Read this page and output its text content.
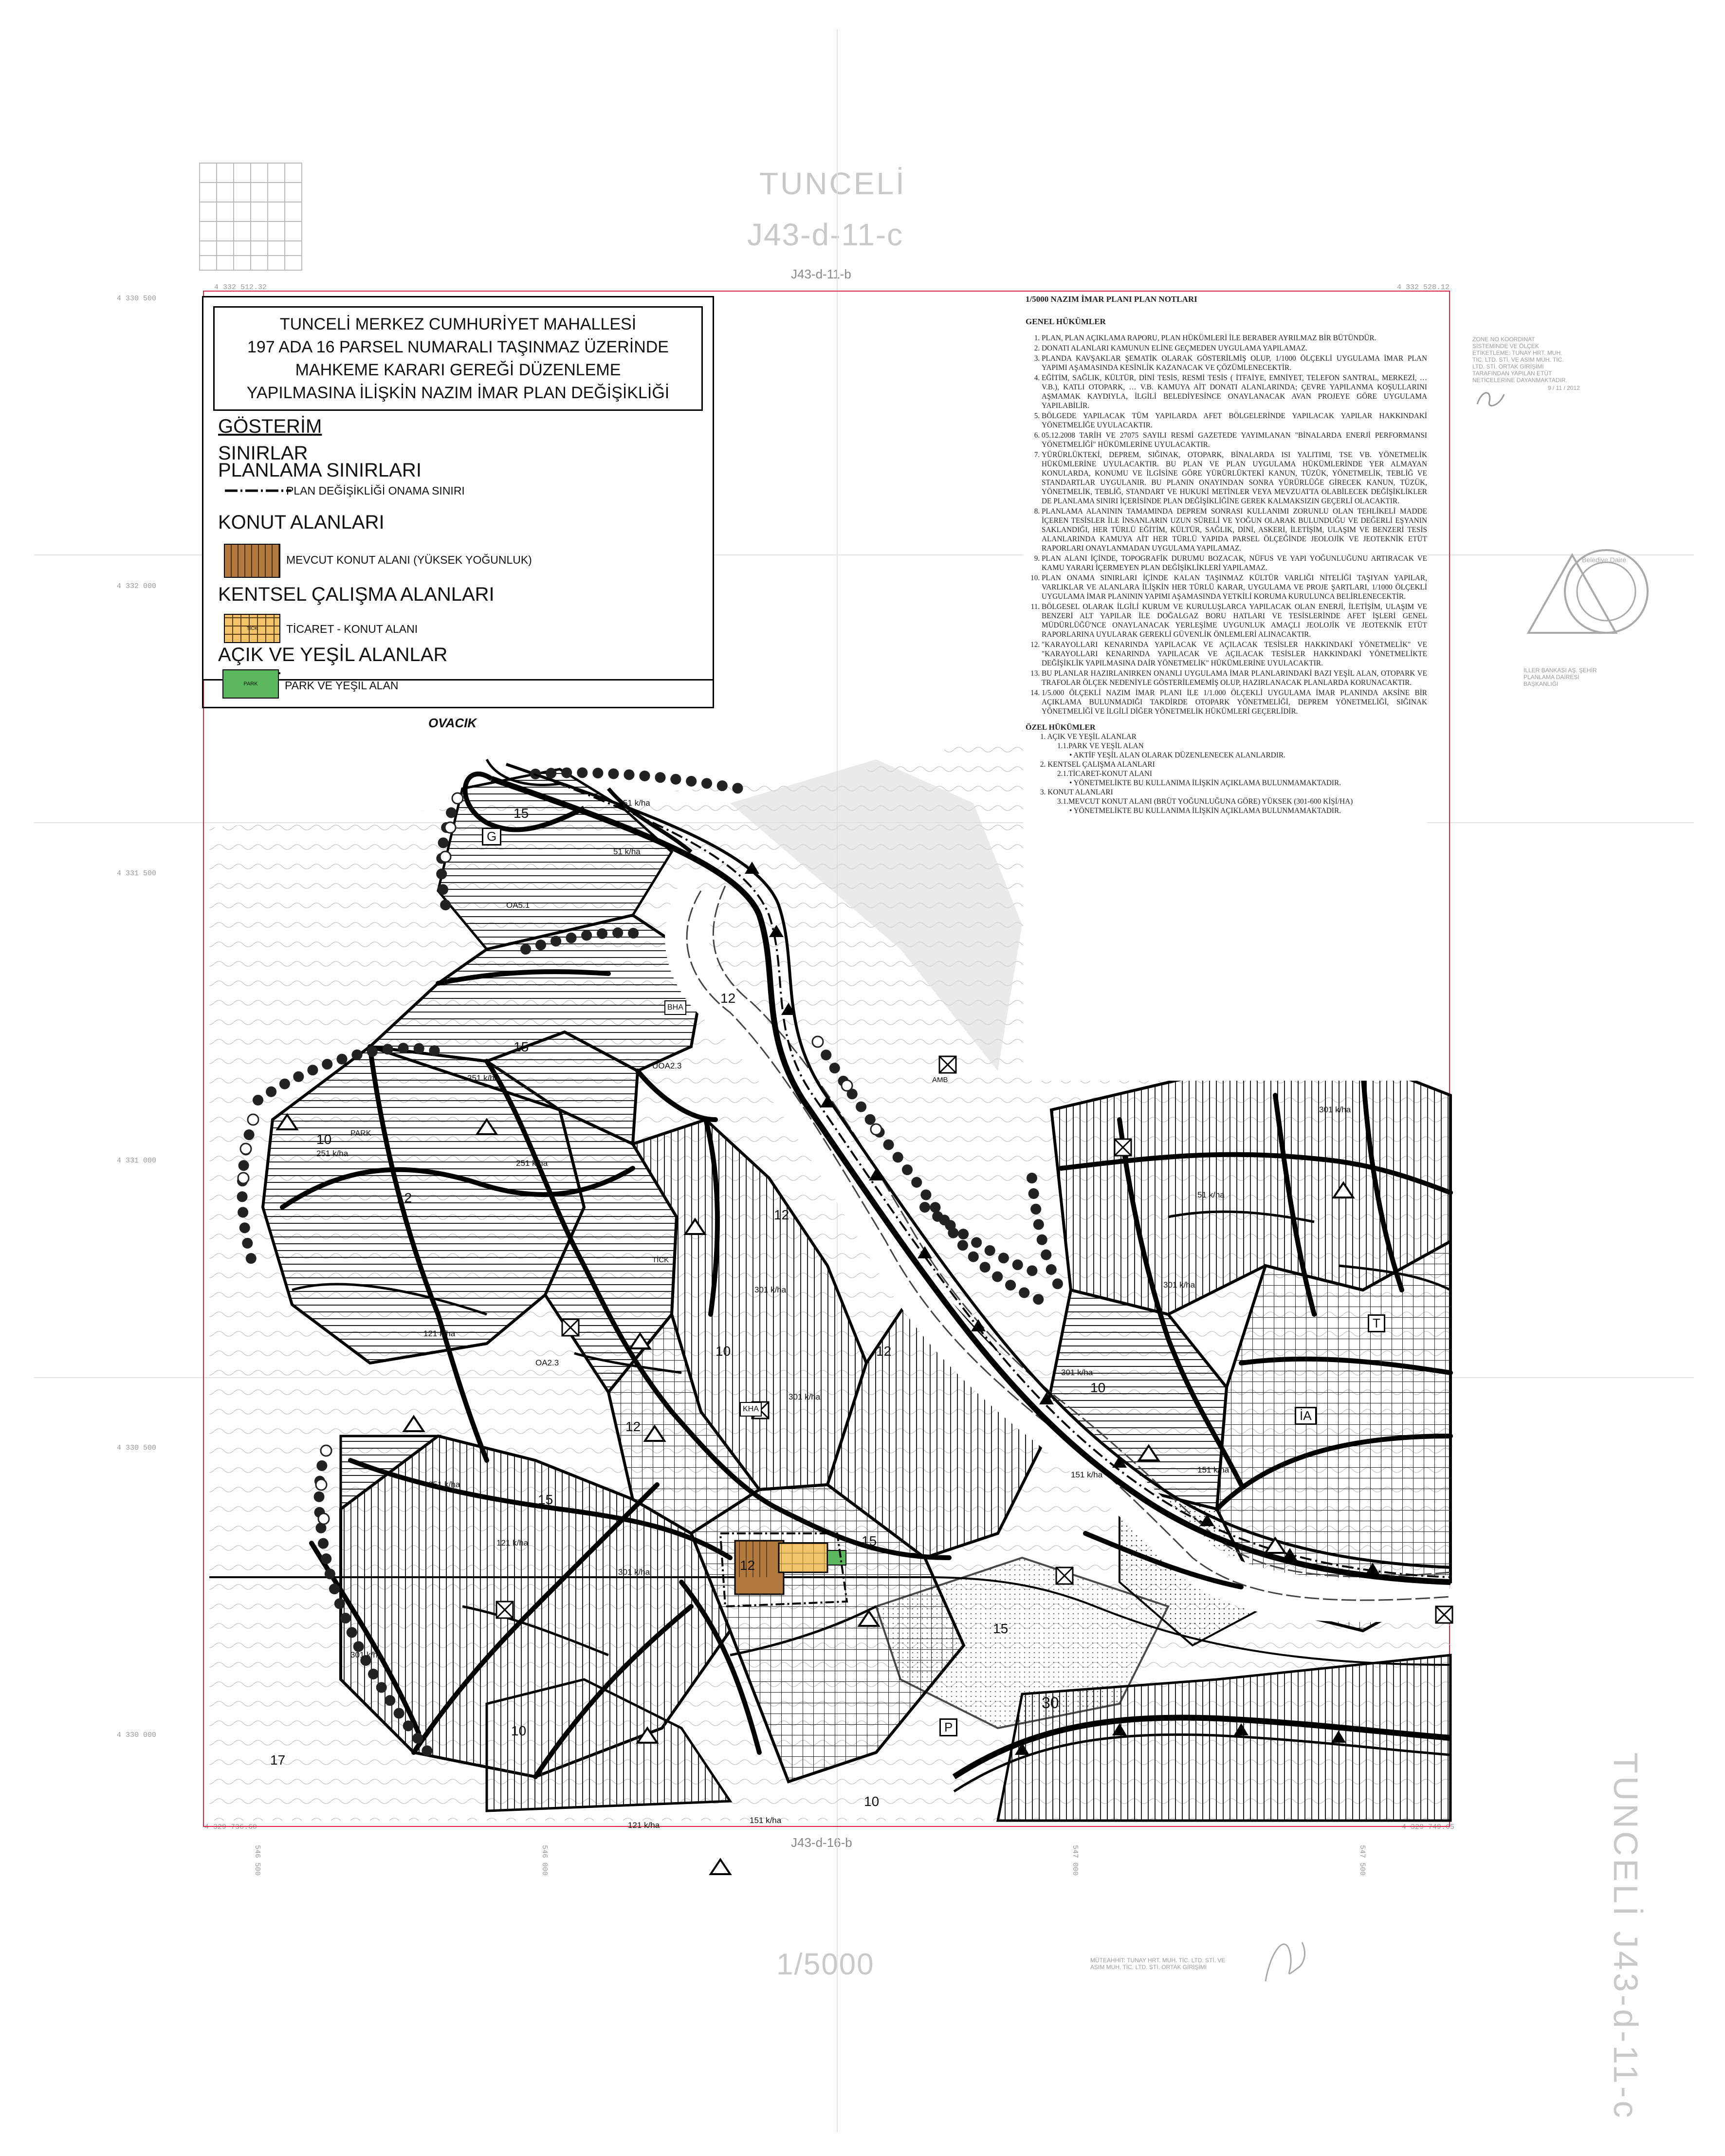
TUNCELİ
J43-d-11-c
J43-d-11-b
J43-d-16-b
1/5000	TUNCELİ J43-d-11-c
4 332 512.32	4 332 528.12
4 330 500
4 332 000
4 331 500
4 331 000
4 330 500
4 330 000
4 329 736.60	4 329 749.65
546 500	546 000	547 000	547 500
OVACIK
51 k/ha
51 k/ha
251 k/ha
251 k/ha
251 k/ha
121 k/ha
121 k/ha
301 k/ha
301 k/ha
301 k/ha
301 k/ha
251 k/ha
151 k/ha
151 k/ha
121 k/ha
51 k/ha
301 k/ha
301 k/ha
301 k/ha
151 k/ha
PARK
BHA
KHA
AMB
TİCK
OA5.1
OA2.3
UOA2.3
G
P
T
İA
15
15
15
12
12
12
10
10
10
12
15
30
10
17
10
12
12
15
TUNCELİ MERKEZ CUMHURİYET MAHALLESİ
197 ADA 16 PARSEL NUMARALI TAŞINMAZ ÜZERİNDE
MAHKEME KARARI GEREĞİ DÜZENLEME
YAPILMASINA İLİŞKİN NAZIM İMAR PLAN DEĞİŞİKLİĞİ
GÖSTERİM
SINIRLAR
PLANLAMA SINIRLARI
PLAN DEĞİŞİKLİĞİ ONAMA SINIRI
KONUT ALANLARI
MEVCUT KONUT ALANI (YÜKSEK YOĞUNLUK)
KENTSEL ÇALIŞMA ALANLARI
TİCK	TİCARET - KONUT ALANI
AÇIK VE YEŞİL ALANLAR
PARK PARK VE YEŞİL ALAN
1/5000 NAZIM İMAR PLANI PLAN NOTLARI
GENEL HÜKÜMLER
1. PLAN, PLAN AÇIKLAMA RAPORU, PLAN HÜKÜMLERİ İLE BERABER AYRILMAZ BİR BÜTÜNDÜR.
2. DONATI ALANLARI KAMUNUN ELİNE GEÇMEDEN UYGULAMA YAPILAMAZ.
3. PLANDA KAVŞAKLAR ŞEMATİK OLARAK GÖSTERİLMİŞ OLUP, 1/1000 ÖLÇEKLİ UYGULAMA İMAR PLAN YAPIMI AŞAMASINDA KESİNLİK KAZANACAK VE ÇÖZÜMLENECEKTİR.
4. EĞİTİM, SAĞLIK, KÜLTÜR, DİNİ TESİS, RESMİ TESİS ( İTFAİYE, EMNİYET, TELEFON SANTRAL, MERKEZİ, …V.B.), KATLI OTOPARK, … V.B. KAMUYA AİT DONATI ALANLARINDA; ÇEVRE YAPILANMA KOŞULLARINI AŞMAMAK KAYDIYLA, İLGİLİ BELEDİYESİNCE ONAYLANACAK AVAN PROJEYE GÖRE UYGULAMA YAPILABİLİR.
5. BÖLGEDE YAPILACAK TÜM YAPILARDA AFET BÖLGELERİNDE YAPILACAK YAPILAR HAKKINDAKİ YÖNETMELİĞE UYULACAKTIR.
6. 05.12.2008 TARİH VE 27075 SAYILI RESMİ GAZETEDE YAYIMLANAN "BİNALARDA ENERJİ PERFORMANSI YÖNETMELİĞİ" HÜKÜMLERİNE UYULACAKTIR.
7. YÜRÜRLÜKTEKİ, DEPREM, SIĞINAK, OTOPARK, BİNALARDA ISI YALITIMI, TSE VB. YÖNETMELİK HÜKÜMLERİNE UYULACAKTIR. BU PLAN VE PLAN UYGULAMA HÜKÜMLERİNDE YER ALMAYAN KONULARDA, KONUMU VE İLGİSİNE GÖRE YÜRÜRLÜKTEKİ KANUN, TÜZÜK, YÖNETMELİK, TEBLİĞ VE STANDARTLAR UYGULANIR. BU PLANIN ONAYINDAN SONRA YÜRÜRLÜĞE GİRECEK KANUN, TÜZÜK, YÖNETMELİK, TEBLİĞ, STANDART VE HUKUKİ METİNLER VEYA MEVZUATTA OLABİLECEK DEĞİŞİKLİKLER DE PLANLAMA SINIRI İÇERİSİNDE PLAN DEĞİŞİKLİĞİNE GEREK KALMAKSIZIN GEÇERLİ OLACAKTIR.
8. PLANLAMA ALANININ TAMAMINDA DEPREM SONRASI KULLANIMI ZORUNLU OLAN TEHLİKELİ MADDE İÇEREN TESİSLER İLE İNSANLARIN UZUN SÜRELİ VE YOĞUN OLARAK BULUNDUĞU VE DEĞERLİ EŞYANIN SAKLANDIĞI, HER TÜRLÜ EĞİTİM, KÜLTÜR, SAĞLIK, DİNİ, ASKERİ, İLETİŞİM, ULAŞIM VE BENZERİ TESİS ALANLARINDA KAMUYA AİT HER TÜRLÜ YAPIDA PARSEL ÖLÇEĞİNDE JEOLOJİK VE JEOTEKNİK ETÜT RAPORLARI ONAYLANMADAN UYGULAMA YAPILAMAZ.
9. PLAN ALANI İÇİNDE, TOPOGRAFİK DURUMU BOZACAK, NÜFUS VE YAPI YOĞUNLUĞUNU ARTIRACAK VE KAMU YARARI İÇERMEYEN PLAN DEĞİŞİKLİKLERİ YAPILAMAZ.
10. PLAN ONAMA SINIRLARI İÇİNDE KALAN TAŞINMAZ KÜLTÜR VARLIĞI NİTELİĞİ TAŞIYAN YAPILAR, VARLIKLAR VE ALANLARA İLİŞKİN HER TÜRLÜ KARAR, UYGULAMA VE PROJE ŞARTLARI, 1/1000 ÖLÇEKLİ UYGULAMA İMAR PLANININ YAPIMI AŞAMASINDA YETKİLİ KORUMA KURULUNCA BELİRLENECEKTİR.
11. BÖLGESEL OLARAK İLGİLİ KURUM VE KURULUŞLARCA YAPILACAK OLAN ENERJİ, İLETİŞİM, ULAŞIM VE BENZERİ ALT YAPILAR İLE DOĞALGAZ BORU HATLARI VE TESİSLERİNDE AFET İŞLERİ GENEL MÜDÜRLÜĞÜ'NCE ONAYLANACAK YERLEŞİME UYGUNLUK AMAÇLI JEOLOJİK VE JEOTEKNİK ETÜT RAPORLARINA UYULARAK GEREKLİ GÜVENLİK ÖNLEMLERİ ALINACAKTIR.
12. "KARAYOLLARI KENARINDA YAPILACAK VE AÇILACAK TESİSLER HAKKINDAKİ YÖNETMELİK" VE "KARAYOLLARI KENARINDA YAPILACAK VE AÇILACAK TESİSLER HAKKINDAKİ YÖNETMELİKTE DEĞİŞİKLİK YAPILMASINA DAİR YÖNETMELİK" HÜKÜMLERİNE UYULACAKTIR.
13. BU PLANLAR HAZIRLANIRKEN ONANLI UYGULAMA İMAR PLANLARINDAKİ BAZI YEŞİL ALAN, OTOPARK VE TRAFOLAR ÖLÇEK NEDENİYLE GÖSTERİLEMEMİŞ OLUP, HAZIRLANACAK PLANLARDA KORUNACAKTIR.
14. 1/5.000 ÖLÇEKLİ NAZIM İMAR PLANI İLE 1/1.000 ÖLÇEKLİ UYGULAMA İMAR PLANINDA AKSİNE BİR AÇIKLAMA BULUNMADIĞI TAKDİRDE OTOPARK YÖNETMELİĞİ, DEPREM YÖNETMELİĞİ, SIĞINAK YÖNETMELİĞİ VE İLGİLİ DİĞER YÖNETMELİK HÜKÜMLERİ GEÇERLİDİR.
ÖZEL HÜKÜMLER
1. AÇIK VE YEŞİL ALANLAR
1.1.PARK VE YEŞİL ALAN
• AKTİF YEŞİL ALAN OLARAK DÜZENLENECEK ALANLARDIR.
2. KENTSEL ÇALIŞMA ALANLARI
2.1.TİCARET-KONUT ALANI
• YÖNETMELİKTE BU KULLANIMA İLİŞKİN AÇIKLAMA BULUNMAMAKTADIR.
3. KONUT ALANLARI
3.1.MEVCUT KONUT ALANI (BRÜT YOĞUNLUĞUNA GÖRE) YÜKSEK (301-600 KİŞİ/HA)
• YÖNETMELİKTE BU KULLANIMA İLİŞKİN AÇIKLAMA BULUNMAMAKTADIR.
ZONE NO KOORDINAT SİSTEMİNDE VE ÖLÇEK ETİKETLEME: TUNAY HRT. MUH. TİC. LTD. STİ. VE ASIM MUH. TİC. LTD. STİ. ORTAK GİRİŞİMİ TARAFINDAN YAPILAN ETÜT NETİCELERİNE DAYANMAKTADIR.
9 / 11 / 2012
Belediye Daire
İLLER BANKASI AŞ. ŞEHİR PLANLAMA DAİRESİ BAŞKANLIĞI
MÜTEAHHİT: TUNAY HRT. MUH. TİC. LTD. STİ. VE ASIM MUH. TİC. LTD. STİ. ORTAK GİRİŞİMİ
